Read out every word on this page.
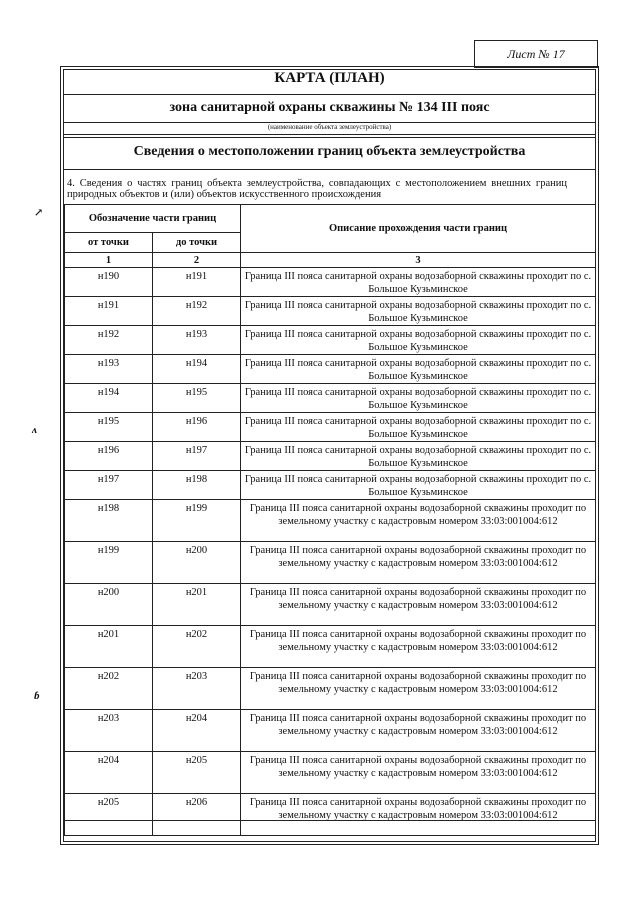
Лист № 17
КАРТА (ПЛАН)
зона санитарной охраны скважины № 134 III пояс
(наименование объекта землеустройства)
Сведения о местоположении границ объекта землеустройства
4. Сведения о частях границ объекта землеустройства, совпадающих с местоположением внешних границ природных объектов и (или) объектов искусственного происхождения
Обозначение части границ		Описание прохождения части границ
от точки	до точки	
1	2	3
н190	н191	Граница III пояса санитарной охраны водозаборной скважины проходит по с. Большое Кузьминское
н191	н192	Граница III пояса санитарной охраны водозаборной скважины проходит по с. Большое Кузьминское
н192	н193	Граница III пояса санитарной охраны водозаборной скважины проходит по с. Большое Кузьминское
н193	н194	Граница III пояса санитарной охраны водозаборной скважины проходит по с. Большое Кузьминское
н194	н195	Граница III пояса санитарной охраны водозаборной скважины проходит по с. Большое Кузьминское
н195	н196	Граница III пояса санитарной охраны водозаборной скважины проходит по с. Большое Кузьминское
н196	н197	Граница III пояса санитарной охраны водозаборной скважины проходит по с. Большое Кузьминское
н197	н198	Граница III пояса санитарной охраны водозаборной скважины проходит по с. Большое Кузьминское
н198	н199	Граница III пояса санитарной охраны водозаборной скважины проходит по земельному участку с кадастровым номером 33:03:001004:612
н199	н200	Граница III пояса санитарной охраны водозаборной скважины проходит по земельному участку с кадастровым номером 33:03:001004:612
н200	н201	Граница III пояса санитарной охраны водозаборной скважины проходит по земельному участку с кадастровым номером 33:03:001004:612
н201	н202	Граница III пояса санитарной охраны водозаборной скважины проходит по земельному участку с кадастровым номером 33:03:001004:612
н202	н203	Граница III пояса санитарной охраны водозаборной скважины проходит по земельному участку с кадастровым номером 33:03:001004:612
н203	н204	Граница III пояса санитарной охраны водозаборной скважины проходит по земельному участку с кадастровым номером 33:03:001004:612
н204	н205	Граница III пояса санитарной охраны водозаборной скважины проходит по земельному участку с кадастровым номером 33:03:001004:612
н205	н206	Граница III пояса санитарной охраны водозаборной скважины проходит по земельному участку с кадастровым номером 33:03:001004:612
↗
ʌ
ɓ
